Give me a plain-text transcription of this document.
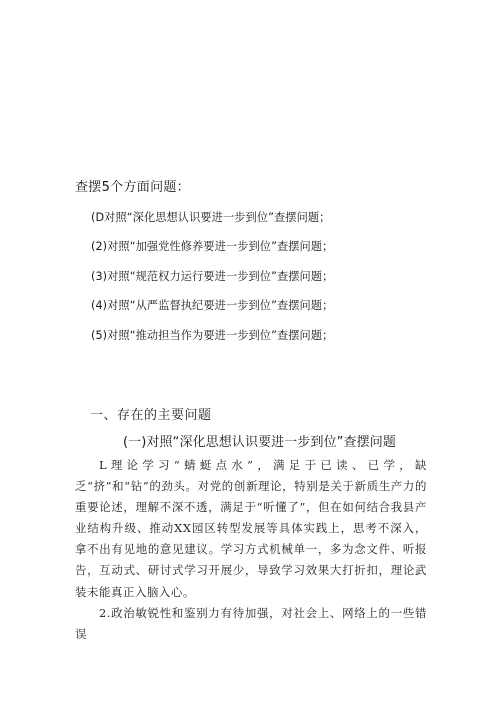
查摆5个方面问题：
(D对照“深化思想认识要进一步到位”查摆问题；
(2)对照“加强党性修养要进一步到位”查摆问题；
(3)对照“规范权力运行要进一步到位”查摆问题；
(4)对照“从严监督执纪要进一步到位”查摆问题；
(5)对照“推动担当作为要进一步到位”查摆问题；
一、存在的主要问题
(一)对照“深化思想认识要进一步到位”查摆问题

L理论学习“蜻蜓点水”，满足于已读、已学，缺乏“挤”和“钻”的劲头。对党的创新理论，特别是关于新质生产力的重要论述，理解不深不透，满足于“听懂了”，但在如何结合我县产业结构升级、推动XX园区转型发展等具体实践上，思考不深入，拿不出有见地的意见建议。学习方式机械单一，多为念文件、听报告，互动式、研讨式学习开展少，导致学习效果大打折扣，理论武装未能真正入脑入心。

2.政治敏锐性和鉴别力有待加强，对社会上、网络上的一些错误
